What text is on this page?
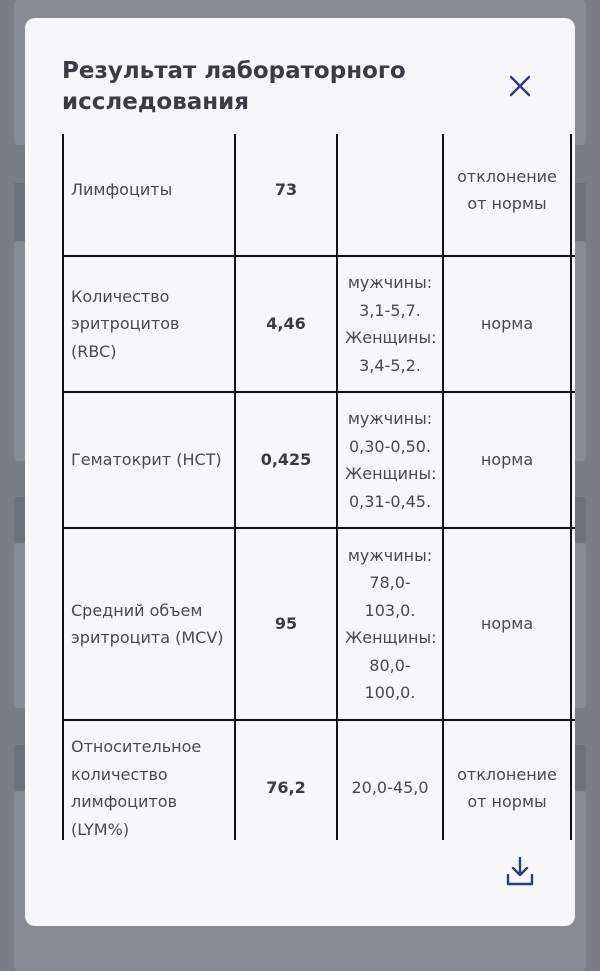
Результат лабораторного исследования
Лимфоциты	73		отклонение от нормы	
Количество эритроцитов (RBC)	4,46	мужчины: 3,1-5,7. Женщины: 3,4-5,2.	норма	
Гематокрит (HCT)	0,425	мужчины: 0,30-0,50. Женщины: 0,31-0,45.	норма	
Средний объем эритроцита (MCV)	95	мужчины: 78,0-103,0. Женщины: 80,0-100,0.	норма	
Относительное количество лимфоцитов (LYM%)	76,2	20,0-45,0	отклонение от нормы	
